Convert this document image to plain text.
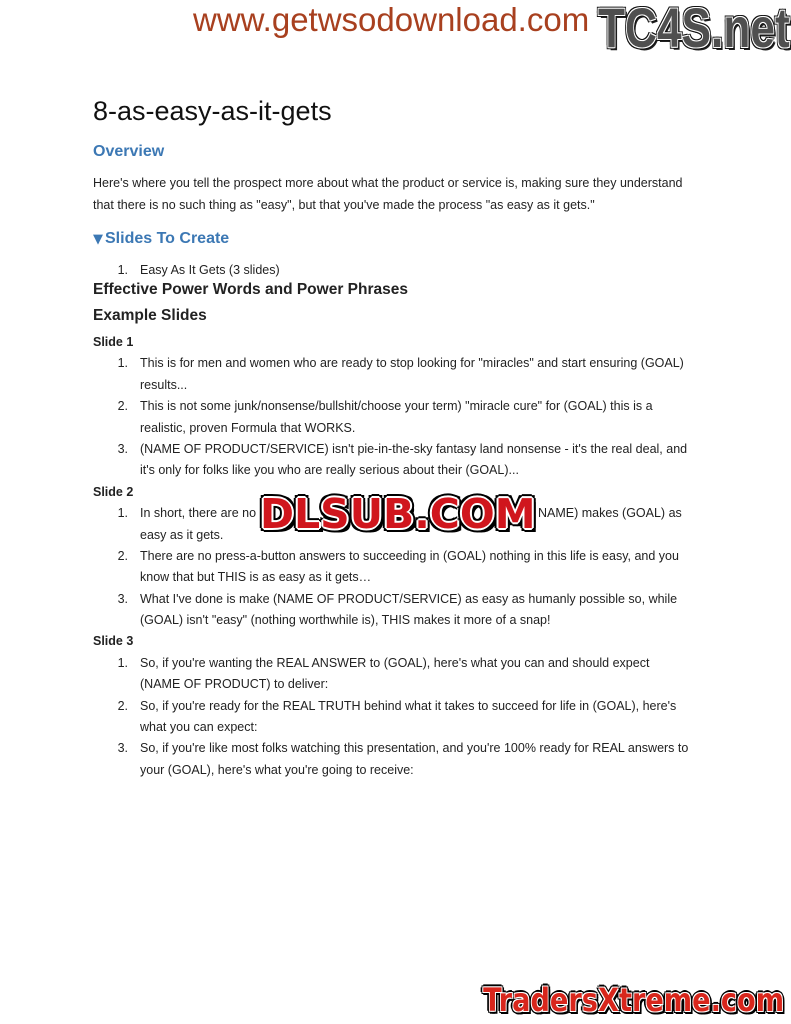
www.getwsodownload.com TC4S.net
DLSUB.COM
TradersXtreme.com
8-as-easy-as-it-gets
Overview
Here's where you tell the prospect more about what the product or service is, making sure they understand
that there is no such thing as "easy", but that you've made the process "as easy as it gets."
▼ Slides To Create
1. Easy As It Gets (3 slides)
Effective Power Words and Power Phrases
Example Slides
Slide 1
1. This is for men and women who are ready to stop looking for "miracles" and start ensuring (GOAL)
results...
2. This is not some junk/nonsense/bullshit/choose your term) "miracle cure" for (GOAL) this is a
realistic, proven Formula that WORKS.
3. (NAME OF PRODUCT/SERVICE) isn't pie-in-the-sky fantasy land nonsense - it's the real deal, and
it's only for folks like you who are really serious about their (GOAL)...
Slide 2
1. In short, there are no	NAME) makes (GOAL) as
easy as it gets.
2. There are no press-a-button answers to succeeding in (GOAL) nothing in this life is easy, and you
know that but THIS is as easy as it gets…
3. What I've done is make (NAME OF PRODUCT/SERVICE) as easy as humanly possible so, while
(GOAL) isn't "easy" (nothing worthwhile is), THIS makes it more of a snap!
Slide 3
1. So, if you're wanting the REAL ANSWER to (GOAL), here's what you can and should expect
(NAME OF PRODUCT) to deliver:
2. So, if you're ready for the REAL TRUTH behind what it takes to succeed for life in (GOAL), here's
what you can expect:
3. So, if you're like most folks watching this presentation, and you're 100% ready for REAL answers to
your (GOAL), here's what you're going to receive:
